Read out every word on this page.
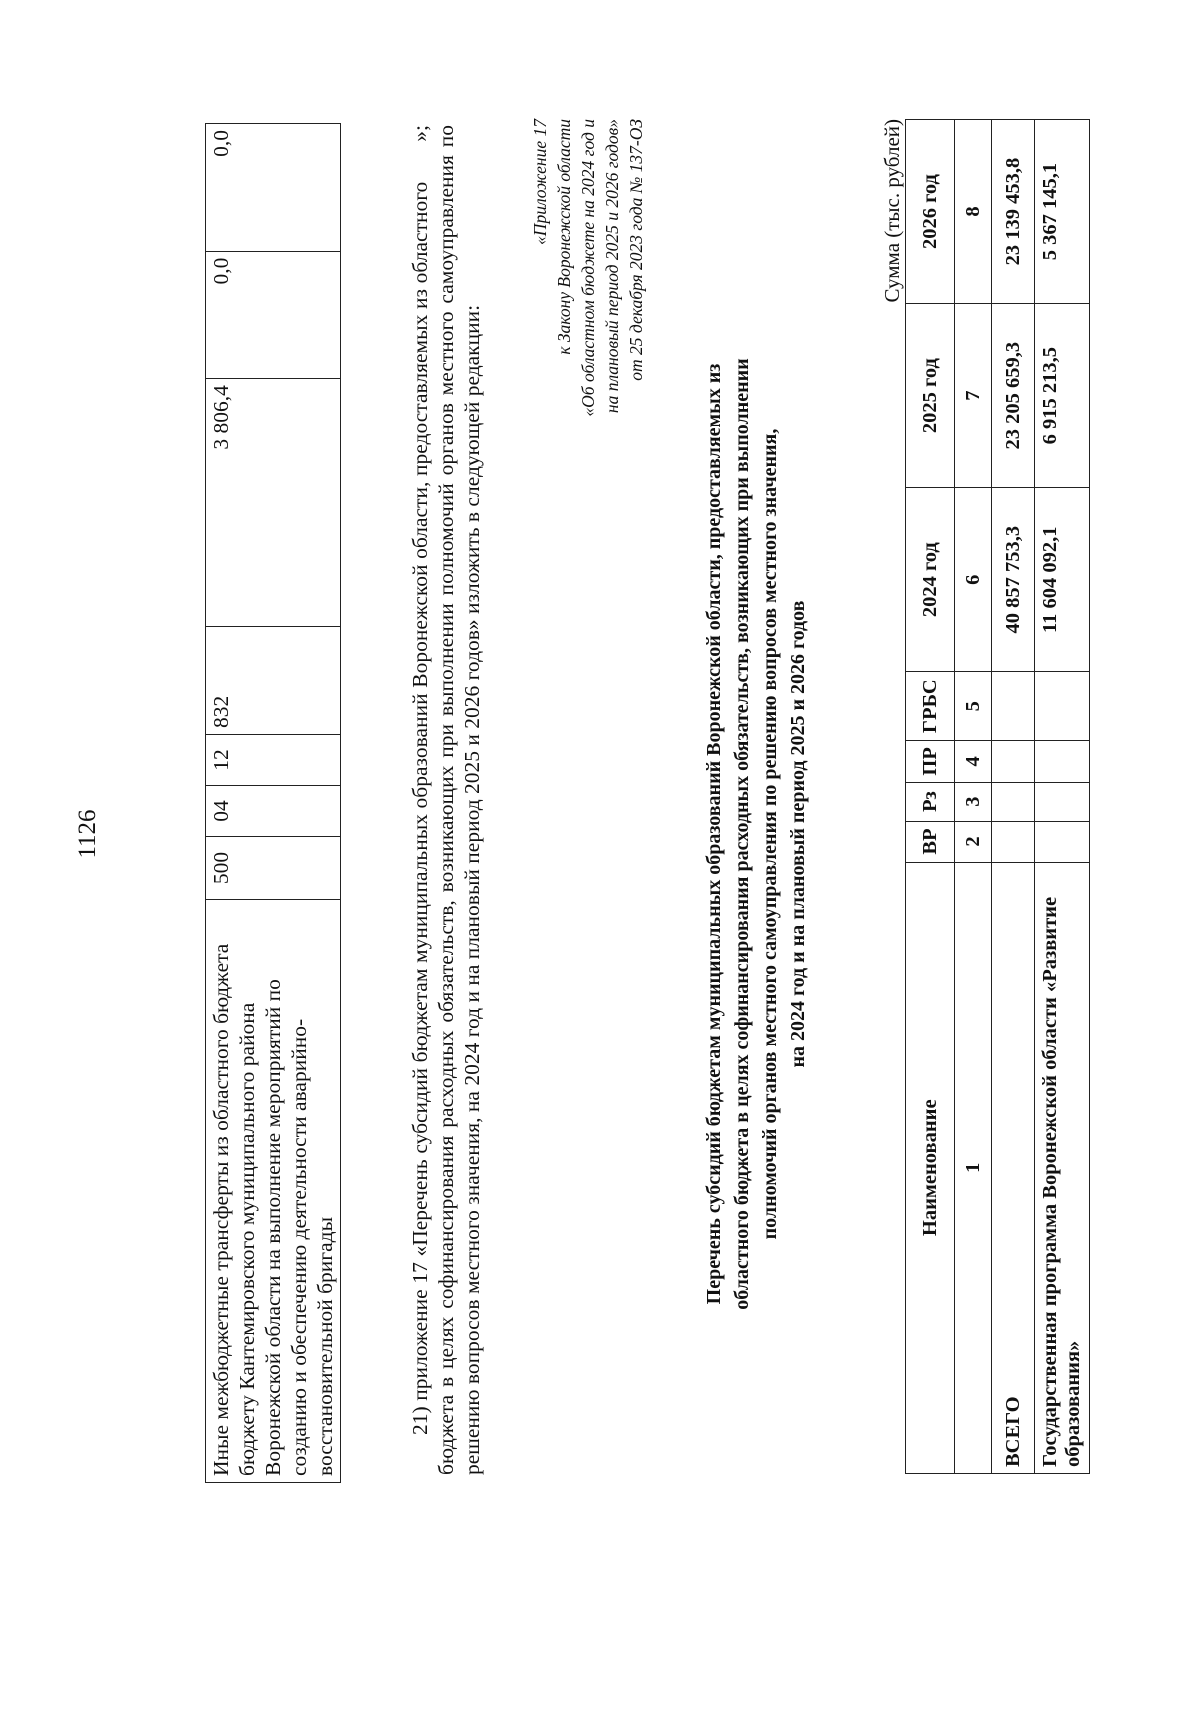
1126
Иные межбюджетные трансферты из областного бюджета бюджету Кантемировского муниципального района Воронежской области на выполнение мероприятий по созданию и обеспечению деятельности аварийно-восстановительной бригады	500	04	12	832	3 806,4	0,0	0,0	»;
21) приложение 17 «Перечень субсидий бюджетам муниципальных образований Воронежской области, предоставляемых из областного бюджета в целях софинансирования расходных обязательств, возникающих при выполнении полномочий органов местного самоуправления по решению вопросов местного значения, на 2024 год и на плановый период 2025 и 2026 годов» изложить в следующей редакции:
«Приложение 17 к Закону Воронежской области «Об областном бюджете на 2024 год и на плановый период 2025 и 2026 годов» от 25 декабря 2023 года № 137-ОЗ
Перечень субсидий бюджетам муниципальных образований Воронежской области, предоставляемых из областного бюджета в целях софинансирования расходных обязательств, возникающих при выполнении полномочий органов местного самоуправления по решению вопросов местного значения, на 2024 год и на плановый период 2025 и 2026 годов
Сумма (тыс. рублей)
Наименование	ВР	Рз	ПР	ГРБС	2024 год	2025 год	2026 год
1	2	3	4	5	6	7	8
ВСЕГО					40 857 753,3	23 205 659,3	23 139 453,8
Государственная программа Воронежской области «Развитие образования»					11 604 092,1	6 915 213,5	5 367 145,1
